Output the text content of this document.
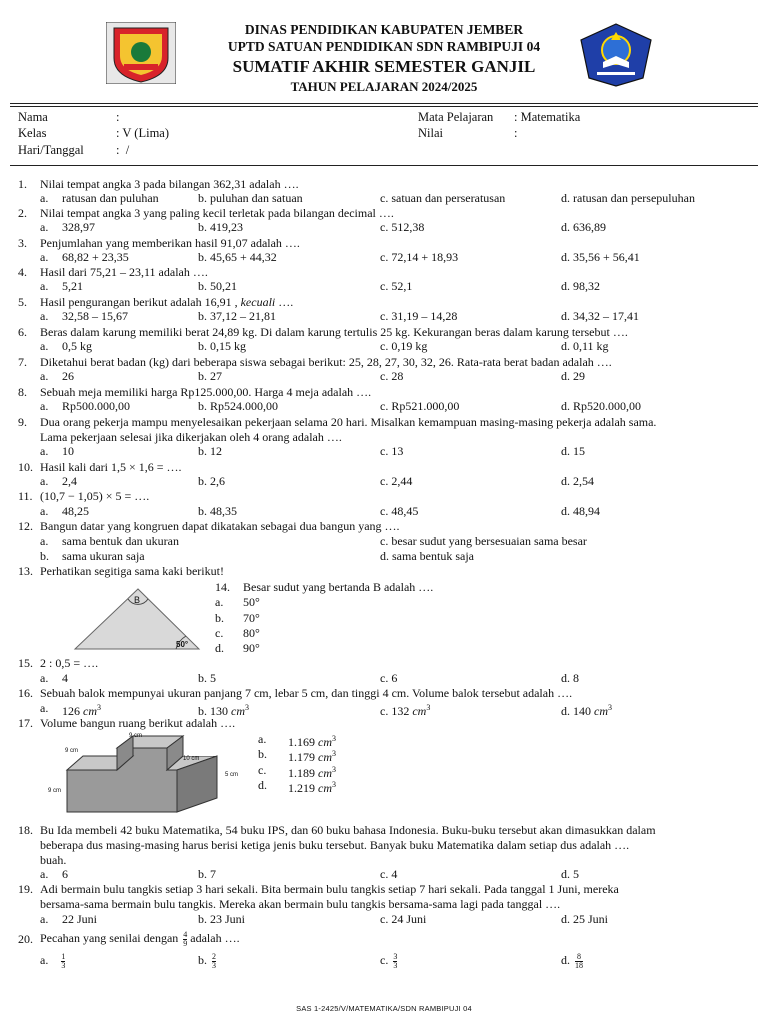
DINAS PENDIDIKAN KABUPATEN JEMBER
UPTD SATUAN PENDIDIKAN SDN RAMBIPUJI 04
SUMATIF AKHIR SEMESTER GANJIL
TAHUN PELAJARAN 2024/2025
Nama	:
Kelas	: V (Lima)
Hari/Tanggal	:  /
Mata Pelajaran : Matematika
Nilai	:
1. Nilai tempat angka 3 pada bilangan 362,31 adalah ….
a. ratusan dan puluhan	b. puluhan dan satuan	c. satuan dan perseratusan	d. ratusan dan persepuluhan
2. Nilai tempat angka 3 yang paling kecil terletak pada bilangan decimal ….
a. 328,97	b. 419,23	c. 512,38	d. 636,89
3. Penjumlahan yang memberikan hasil 91,07 adalah ….
a. 68,82 + 23,35	b. 45,65 + 44,32	c. 72,14 + 18,93	d. 35,56 + 56,41
4. Hasil dari 75,21 – 23,11 adalah ….
a. 5,21	b. 50,21	c. 52,1	d. 98,32
5. Hasil pengurangan berikut adalah 16,91 , kecuali ….
a. 32,58 – 15,67	b. 37,12 – 21,81	c. 31,19 – 14,28	d. 34,32 – 17,41
6. Beras dalam karung memiliki berat 24,89 kg. Di dalam karung tertulis 25 kg. Kekurangan beras dalam karung tersebut ….
a. 0,5 kg	b. 0,15 kg	c. 0,19 kg	d. 0,11 kg
7. Diketahui berat badan (kg) dari beberapa siswa sebagai berikut: 25, 28, 27, 30, 32, 26. Rata-rata berat badan adalah ….
a. 26	b. 27	c. 28	d. 29
8. Sebuah meja memiliki harga Rp125.000,00. Harga 4 meja adalah ….
a. Rp500.000,00	b. Rp524.000,00	c. Rp521.000,00	d. Rp520.000,00
9. Dua orang pekerja mampu menyelesaikan pekerjaan selama 20 hari. Misalkan kemampuan masing-masing pekerja adalah sama.
Lama pekerjaan selesai jika dikerjakan oleh 4 orang adalah ….
a. 10	b. 12	c. 13	d. 15
10. Hasil kali dari 1,5 × 1,6 = ….
a. 2,4	b. 2,6	c. 2,44	d. 2,54
11. (10,7 − 1,05) × 5 = ….
a. 48,25	b. 48,35	c. 48,45	d. 48,94
12. Bangun datar yang kongruen dapat dikatakan sebagai dua bangun yang ….
a. sama bentuk dan ukuran	c. besar sudut yang bersesuaian sama besar
b. sama ukuran saja	d. sama bentuk saja
13. Perhatikan segitiga sama kaki berikut!
B
50°
14. Besar sudut yang bertanda B adalah ….
a. 50°
b. 70°
c. 80°
d. 90°
15. 2 : 0,5 = ….
a. 4	b. 5	c. 6	d. 8
16. Sebuah balok mempunyai ukuran panjang 7 cm, lebar 5 cm, dan tinggi 4 cm. Volume balok tersebut adalah ….
a. 126 $cm^3$	b. 130 $cm^3$	c. 132 $cm^3$	d. 140 $cm^3$
17. Volume bangun ruang berikut adalah ….
9 cm
9 cm
10 cm
5 cm
9 cm
a. 1.169 $cm^3$
b. 1.179 $cm^3$
c. 1.189 $cm^3$
d. 1.219 $cm^3$
18. Bu Ida membeli 42 buku Matematika, 54 buku IPS, dan 60 buku bahasa Indonesia. Buku-buku tersebut akan dimasukkan dalam
beberapa dus masing-masing harus berisi ketiga jenis buku tersebut. Banyak buku Matematika dalam setiap dus adalah ….
buah.
a. 6	b. 7	c. 4	d. 5
19. Adi bermain bulu tangkis setiap 3 hari sekali. Bita bermain bulu tangkis setiap 7 hari sekali. Pada tanggal 1 Juni, mereka
bersama-sama bermain bulu tangkis. Mereka akan bermain bulu tangkis bersama-sama lagi pada tanggal ….
a. 22 Juni	b. 23 Juni	c. 24 Juni	d. 25 Juni
20. Pecahan yang senilai dengan $\frac{4}{9}$ adalah ….
a. $\frac{1}{3}$	b. $\frac{2}{3}$	c. $\frac{3}{3}$	d. $\frac{8}{18}$
SAS 1-2425/V/MATEMATIKA/SDN RAMBIPUJI 04
